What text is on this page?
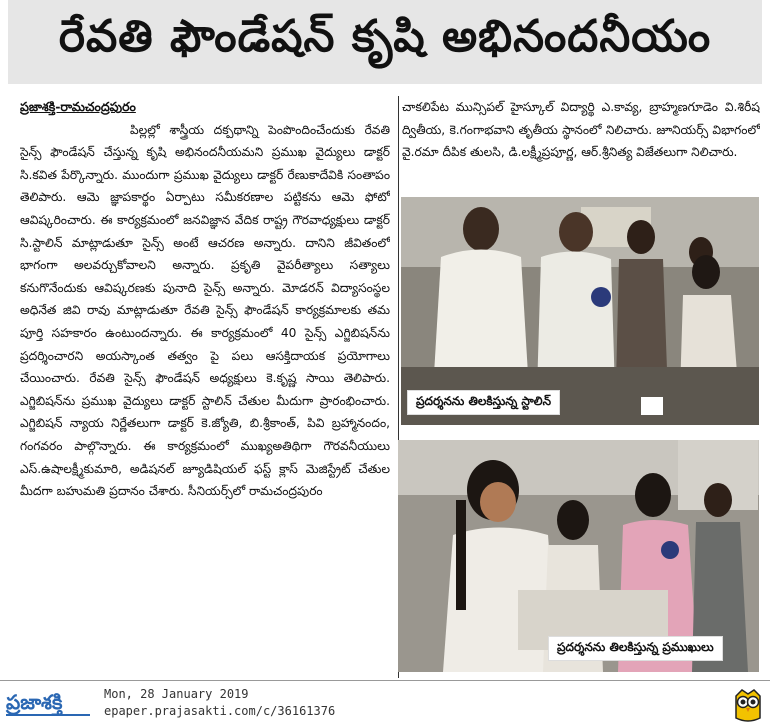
రేవతి ఫౌండేషన్ కృషి అభినందనీయం

ప్రజాశక్తి-రామచంద్రపురం

పిల్లల్లో శాస్త్రీయ దక్పథాన్ని పెంపొందించేందుకు రేవతి సైన్స్ ఫౌండేషన్ చేస్తున్న కృషి అభినందనీయమని ప్రముఖ వైద్యులు డాక్టర్ సి.కవిత పేర్కొన్నారు. ముందుగా ప్రముఖ వైద్యులు డాక్టర్ రేణుకాదేవికి సంతాపం తెలిపారు. ఆమె జ్ఞాపకార్థం ఏర్పాటు సమీకరణాల పట్టికను ఆమె ఫోటో ఆవిష్కరించారు. ఈ కార్యక్రమంలో జనవిజ్ఞాన వేదిక రాష్ట్ర గౌరవాధ్యక్షులు డాక్టర్ సి.స్టాలిన్ మాట్లాడుతూ సైన్స్ అంటే ఆచరణ అన్నారు. దానిని జీవితంలో భాగంగా అలవర్చుకోవాలని అన్నారు. ప్రకృతి వైపరీత్యాలు సత్యాలు కనుగొనేందుకు ఆవిష్కరణకు పునాది సైన్స్ అన్నారు. మోడరన్ విద్యాసంస్థల అధినేత జివి రావు మాట్లాడుతూ రేవతి సైన్స్ ఫౌండేషన్ కార్యక్రమాలకు తమ పూర్తి సహకారం ఉంటుందన్నారు. ఈ కార్యక్రమంలో 40 సైన్స్ ఎగ్జిబిషన్‌ను ప్రదర్శించారని అయస్కాంత తత్వం పై పలు ఆసక్తిదాయక ప్రయోగాలు చేయించారు. రేవతి సైన్స్ ఫౌండేషన్ అధ్యక్షులు కె.కృష్ణ సాయి తెలిపారు. ఎగ్జిబిషన్‌ను ప్రముఖ వైద్యులు డాక్టర్ స్టాలిన్ చేతుల మీదుగా ప్రారంభించారు. ఎగ్జిబిషన్ న్యాయ నిర్ణేతలుగా డాక్టర్ కె.జ్యోతి, బి.శ్రీకాంత్, పివి బ్రహ్మానందం, గంగవరం పాల్గొన్నారు. ఈ కార్యక్రమంలో ముఖ్యఅతిథిగా గౌరవనీయులు ఎస్.ఉషాలక్ష్మీకుమారి, అడిషనల్ జ్యూడిషియల్ ఫస్ట్ క్లాస్ మెజిస్ట్రేట్ చేతుల మీదగా బహుమతి ప్రదానం చేశారు. సీనియర్స్‌లో రామచంద్రపురం

చాకలిపేట మున్సిపల్ హైస్కూల్ విద్యార్థి ఎ.కావ్య, బ్రాహ్మణగూడెం వి.శిరీష ద్వితీయ, కె.గంగాభవాని తృతీయ స్థానంలో నిలిచారు. జూనియర్స్ విభాగంలో వై.రమా దీపిక తులసి, డి.లక్ష్మీప్రపూర్ణ, ఆర్.శ్రీనిత్య విజేతలుగా నిలిచారు.

ప్రదర్శనను తిలకిస్తున్న స్టాలిన్
ప్రదర్శనను తిలకిస్తున్న ప్రముఖులు
ప్రజాశక్తి	Mon, 28 January 2019
epaper.prajasakti.com/c/36161376
